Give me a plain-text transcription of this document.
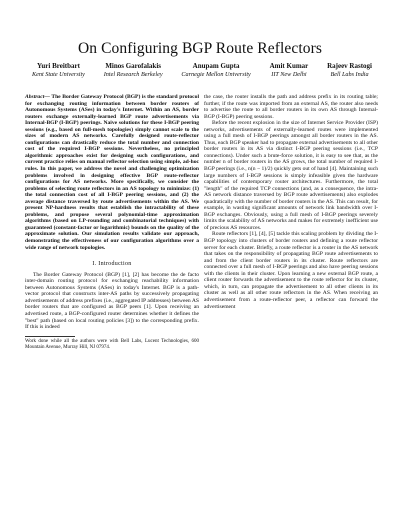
On Configuring BGP Route Reflectors
Yuri Breitbart
Kent State University
Minos Garofalakis
Intel Research Berkeley
Anupam Gupta
Carnegie Mellon University
Amit Kumar
IIT New Delhi
Rajeev Rastogi
Bell Labs India

Abstract— The Border Gateway Protocol (BGP) is the standard protocol for exchanging routing information between border routers of Autonomous Systems (ASes) in today's Internet. Within an AS, border routers exchange externally-learned BGP route advertisements via Internal-BGP (I-BGP) peerings. Naive solutions for these I-BGP peering sessions (e.g., based on full-mesh topologies) simply cannot scale to the sizes of modern AS networks. Carefully designed route-reflector configurations can drastically reduce the total number and connection cost of the required I-BGP sessions. Nevertheless, no principled algorithmic approaches exist for designing such configurations, and current practice relies on manual reflector selection using simple, ad-hoc rules. In this paper, we address the novel and challenging optimization problems involved in designing effective BGP route-reflector configurations for AS networks. More specifically, we consider the problems of selecting route reflectors in an AS topology to minimize: (1) the total connection cost of all I-BGP peering sessions, and (2) the average distance traversed by route advertisements within the AS. We present NP-hardness results that establish the intractability of these problems, and propose several polynomial-time approximation algorithms (based on LP-rounding and combinatorial techniques) with guaranteed (constant-factor or logarithmic) bounds on the quality of the approximate solution. Our simulation results validate our approach, demonstrating the effectiveness of our configuration algorithms over a wide range of network topologies.

I. Introduction

The Border Gateway Protocol (BGP) [1], [2] has become the de facto inter-domain routing protocol for exchanging reachability information between Autonomous Systems (ASes) in today's Internet. BGP is a path-vector protocol that constructs inter-AS paths by successively propagating advertisements of address prefixes (i.e., aggregated IP addresses) between AS border routers that are configured as BGP peers [1]. Upon receiving an advertised route, a BGP-configured router determines whether it defines the "best" path (based on local routing policies [3]) to the corresponding prefix. If this is indeed

Work done while all the authors were with Bell Labs, Lucent Technologies, 600 Mountain Avenue, Murray Hill, NJ 07974.

the case, the router installs the path and address prefix in its routing table; further, if the route was imported from an external AS, the router also needs to advertise the route to all border routers in its own AS through Internal-BGP (I-BGP) peering sessions.

Before the recent explosion in the size of Internet Service Provider (ISP) networks, advertisements of externally-learned routes were implemented using a full mesh of I-BGP peerings amongst all border routers in the AS. Thus, each BGP speaker had to propagate external advertisements to all other border routers in its AS via distinct I-BGP peering sessions (i.e., TCP connections). Under such a brute-force solution, it is easy to see that, as the number n of border routers in the AS grows, the total number of required I-BGP peerings (i.e., n(n − 1)/2) quickly gets out of hand [4]. Maintaining such large numbers of I-BGP sessions is simply infeasible given the hardware capabilities of contemporary router architectures. Furthermore, the total "length" of the required TCP connections (and, as a consequence, the intra-AS network distance traversed by BGP route advertisements) also explodes quadratically with the number of border routers in the AS. This can result, for example, in wasting significant amounts of network link bandwidth over I-BGP exchanges. Obviously, using a full mesh of I-BGP peerings severely limits the scalability of AS networks and makes for extremely inefficient use of precious AS resources.

Route reflectors [1], [4], [5] tackle this scaling problem by dividing the I-BGP topology into clusters of border routers and defining a route reflector server for each cluster. Briefly, a route reflector is a router in the AS network that takes on the responsibility of propagating BGP route advertisements to and from the client border routers in its cluster. Route reflectors are connected over a full mesh of I-BGP peerings and also have peering sessions with the clients in their cluster. Upon learning a new external BGP route, a client router forwards the advertisement to the route reflector for its cluster, which, in turn, can propagate the advertisement to all other clients in its cluster as well as all other route reflectors in the AS. When receiving an advertisement from a route-reflector peer, a reflector can forward the advertisement
